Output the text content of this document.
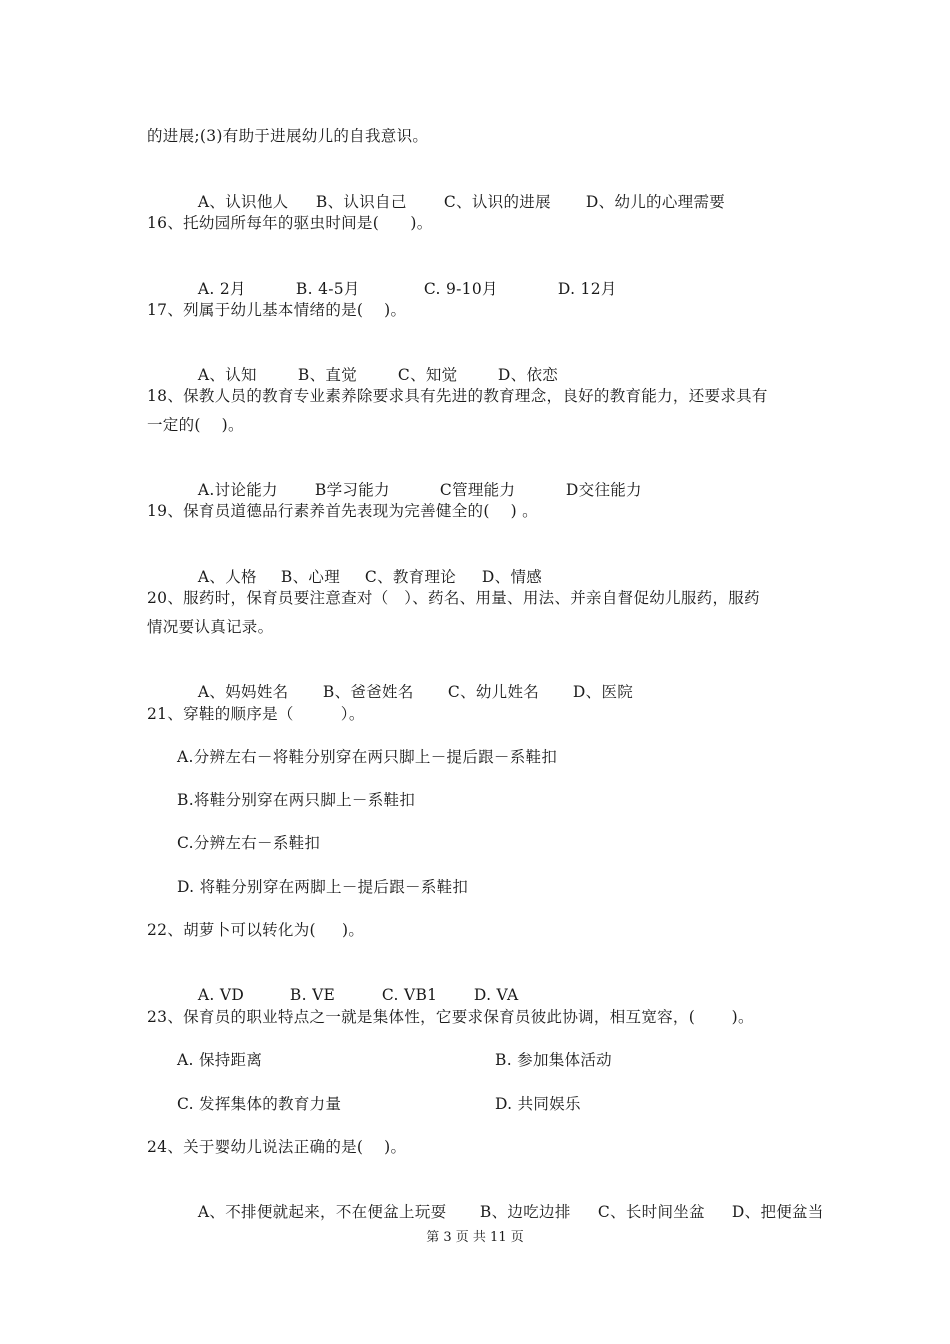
的进展;(3)有助于进展幼儿的自我意识。

A、认识他人 B、认识自己 C、认识的进展 D、幼儿的心理需要

16、托幼园所每年的驱虫时间是(      )。

A. 2月	B. 4-5月	C. 9-10月	D. 12月

17、列属于幼儿基本情绪的是(    )。

A、认知	B、直觉	C、知觉	D、依恋

18、保教人员的教育专业素养除要求具有先进的教育理念，良好的教育能力，还要求具有
一定的(    )。

A.讨论能力 B学习能力	C管理能力	D交往能力

19、保育员道德品行素养首先表现为完善健全的(    ) 。

A、人格 B、心理 C、教育理论 D、情感

20、服药时，保育员要注意查对（   ）、药名、用量、用法、并亲自督促幼儿服药，服药
情况要认真记录。

A、妈妈姓名 B、爸爸姓名 C、幼儿姓名 D、医院

21、穿鞋的顺序是（         ）。
A.分辨左右－将鞋分别穿在两只脚上－提后跟－系鞋扣
B.将鞋分别穿在两只脚上－系鞋扣
C.分辨左右－系鞋扣
D. 将鞋分别穿在两脚上－提后跟－系鞋扣
22、胡萝卜可以转化为(     )。

A. VD	B. VE	C. VB1 D. VA

23、保育员的职业特点之一就是集体性，它要求保育员彼此协调，相互宽容，(       )。
A. 保持距离	B. 参加集体活动
C. 发挥集体的教育力量	D. 共同娱乐
24、关于婴幼儿说法正确的是(    )。

A、不排便就起来，不在便盆上玩耍 B、边吃边排 C、长时间坐盆 D、把便盆当

第 3 页 共 11 页
